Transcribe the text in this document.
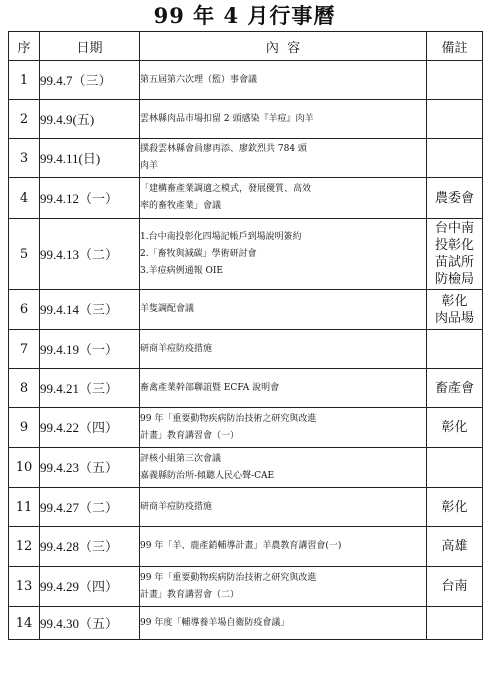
99 年 4 月行事曆
序	日期	內  容	備註
1	99.4.7（三）	第五屆第六次理（監）事會議	

2	99.4.9(五)	雲林縣肉品市場扣留 2 頭感染『羊痘』肉羊	

3	99.4.11(日)	撲殺雲林縣會員廖再添、廖欽烈共 784 頭
肉羊	

4	99.4.12（一）	「建構畜產業調適之模式，發展優質、高效
率的畜牧產業」會議	農委會

5	99.4.13（二）	1.台中南投彰化四場記帳戶到場說明簽約
2.「畜牧與減碳」學術研討會
3.羊痘病例通報 OIE	台中南
投彰化
苗試所
防檢局

6	99.4.14（三）	羊隻調配會議	彰化
肉品場

7	99.4.19（一）	研商羊痘防疫措施	

8	99.4.21（三）	畜禽產業幹部聯誼暨 ECFA 說明會	畜產會

9	99.4.22（四）	99 年「重要動物疾病防治技術之研究與改進
計畫」教育講習會（一）	彰化

10	99.4.23（五）	評核小組第三次會議
嘉義縣防治所-傾聽人民心聲-CAE	

11	99.4.27（二）	研商羊痘防疫措施	彰化

12	99.4.28（三）	99 年「羊、鹿產銷輔導計畫」羊農教育講習會(一)	高雄

13	99.4.29（四）	99 年「重要動物疾病防治技術之研究與改進
計畫」教育講習會（二）	台南

14	99.4.30（五）	99 年度「輔導養羊場自衛防疫會議」	
